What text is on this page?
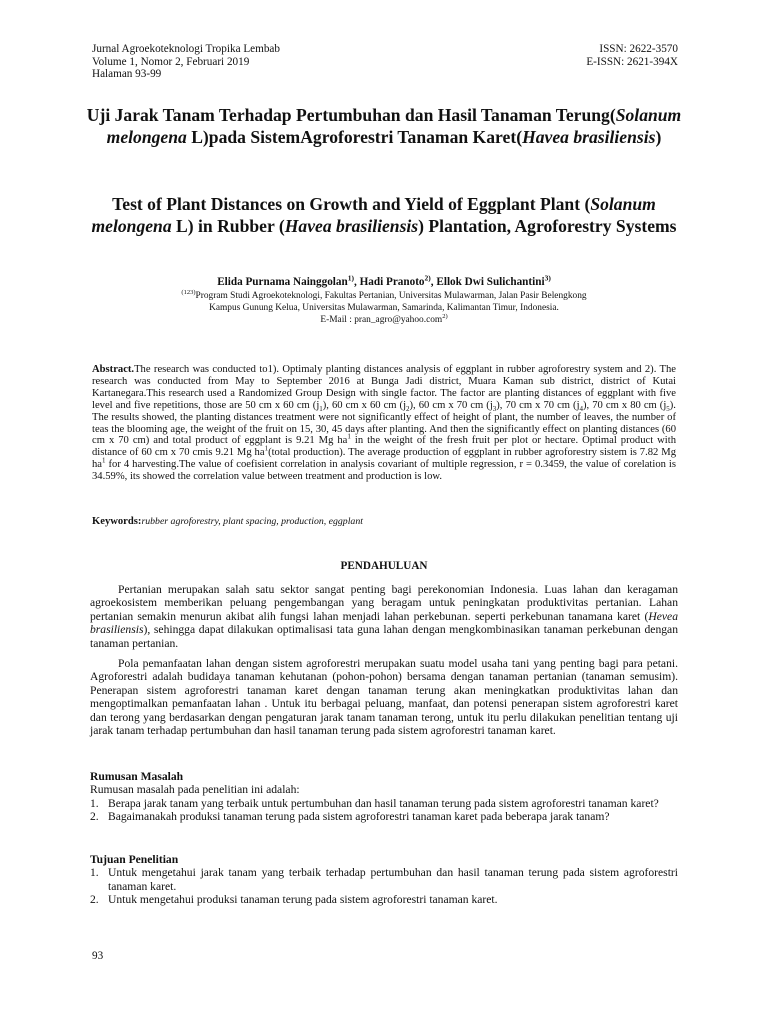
Jurnal Agroekoteknologi Tropika Lembab
Volume 1, Nomor 2, Februari 2019
Halaman 93-99
ISSN: 2622-3570
E-ISSN: 2621-394X
Uji Jarak Tanam Terhadap Pertumbuhan dan Hasil Tanaman Terung(Solanum melongena L)pada SistemAgroforestri Tanaman Karet(Havea brasiliensis)
Test of Plant Distances on Growth and Yield of Eggplant Plant (Solanum melongena L) in Rubber (Havea brasiliensis) Plantation, Agroforestry Systems
Elida Purnama Nainggolan$^{1)}$, Hadi Pranoto$^{2)}$, Ellok Dwi Sulichantini$^{3)}$
$^{(123)}$Program Studi Agroekoteknologi, Fakultas Pertanian, Universitas Mulawarman, Jalan Pasir Belengkong
Kampus Gunung Kelua, Universitas Mulawarman, Samarinda, Kalimantan Timur, Indonesia.
E-Mail : pran_agro@yahoo.com$^{2)}$
Abstract.The research was conducted to1). Optimaly planting distances analysis of eggplant in rubber agroforestry system and 2). The research was conducted from May to September 2016 at Bunga Jadi district, Muara Kaman sub district, district of Kutai Kartanegara.This research used a Randomized Group Design with single factor. The factor are planting distances of eggplant with five level and five repetitions, those are 50 cm x 60 cm $(j_1)$, 60 cm x 60 cm $(j_2)$, 60 cm x 70 cm $(j_3)$, 70 cm x 70 cm $(j_4)$, 70 cm x 80 cm $(j_5)$. The results showed, the planting distances treatment were not significantly effect of height of plant, the number of leaves, the number of teas the blooming age, the weight of the fruit on 15, 30, 45 days after planting. And then the significantly effect on planting distances (60 cm x 70 cm) and total product of eggplant is 9.21 Mg $ha^1$ in the weight of the fresh fruit per plot or hectare. Optimal product with distance of 60 cm x 70 cmis 9.21 Mg $ha^1(total$ production). The average production of eggplant in rubber agroforestry sistem is 7.82 Mg $ha^1$ for 4 harvesting.The value of coefisient correlation in analysis covariant of multiple regression, r = 0.3459, the value of corelation is 34.59%, its showed the correlation value between treatment and production is low.
Keywords:rubber agroforestry, plant spacing, production, eggplant
PENDAHULUAN

Pertanian merupakan salah satu sektor sangat penting bagi perekonomian Indonesia. Luas lahan dan keragaman agroekosistem memberikan peluang pengembangan yang beragam untuk peningkatan produktivitas pertanian. Lahan pertanian semakin menurun akibat alih fungsi lahan menjadi lahan perkebunan. seperti perkebunan tanamana karet (Hevea brasiliensis), sehingga dapat dilakukan optimalisasi tata guna lahan dengan mengkombinasikan tanaman perkebunan dengan tanaman pertanian.

Pola pemanfaatan lahan dengan sistem agroforestri merupakan suatu model usaha tani yang penting bagi para petani. Agroforestri adalah budidaya tanaman kehutanan (pohon-pohon) bersama dengan tanaman pertanian (tanaman semusim). Penerapan sistem agroforestri tanaman karet dengan tanaman terung akan meningkatkan produktivitas lahan dan mengoptimalkan pemanfaatan lahan . Untuk itu berbagai peluang, manfaat, dan potensi penerapan sistem agroforestri karet dan terong yang berdasarkan dengan pengaturan jarak tanam tanaman terong, untuk itu perlu dilakukan penelitian tentang uji jarak tanam terhadap pertumbuhan dan hasil tanaman terung pada sistem agroforestri tanaman karet.

Rumusan Masalah
Rumusan masalah pada penelitian ini adalah:
1. Berapa jarak tanam yang terbaik untuk pertumbuhan dan hasil tanaman terung pada sistem agroforestri tanaman karet?
2. Bagaimanakah produksi tanaman terung pada sistem agroforestri tanaman karet pada beberapa jarak tanam?
Tujuan Penelitian
1. Untuk mengetahui jarak tanam yang terbaik terhadap pertumbuhan dan hasil tanaman terung pada sistem agroforestri tanaman karet.
2. Untuk mengetahui produksi tanaman terung pada sistem agroforestri tanaman karet.
93
